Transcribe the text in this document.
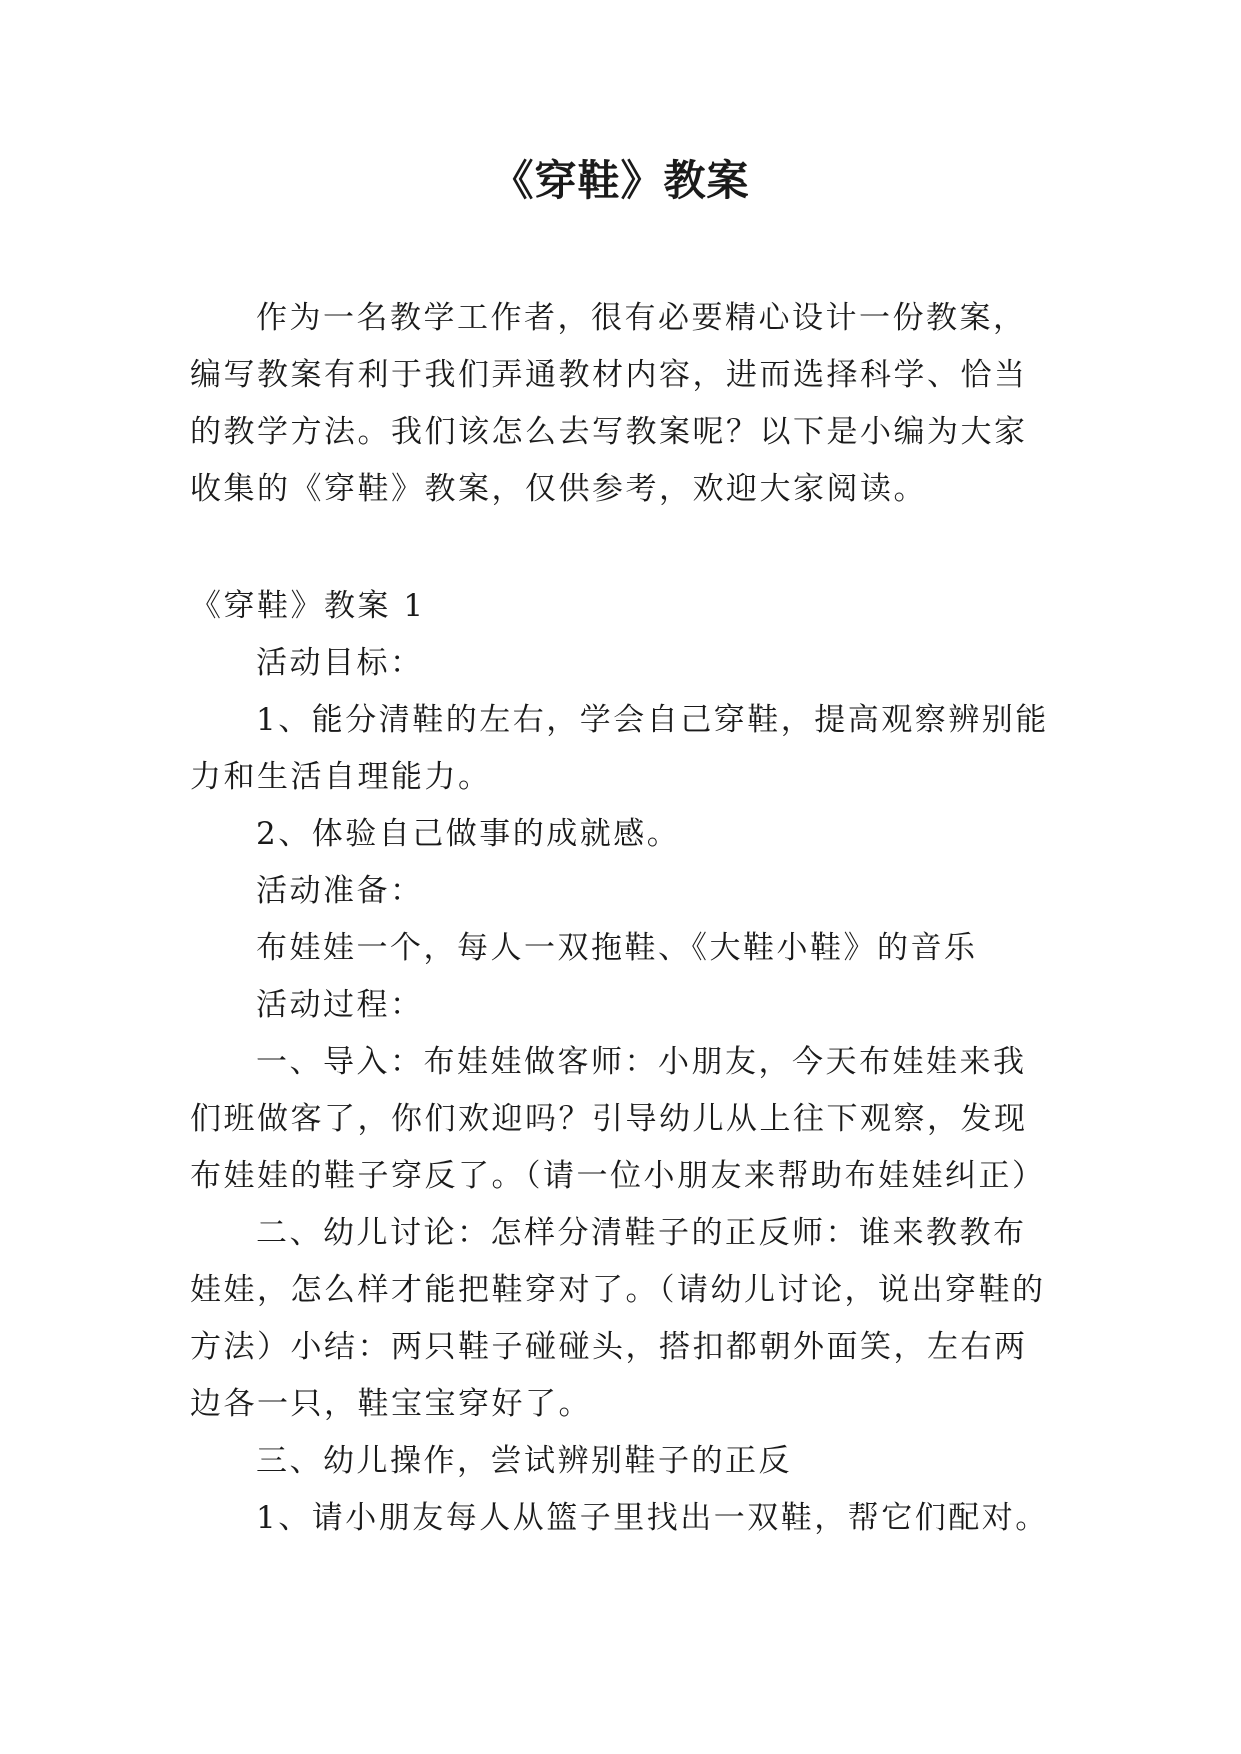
《穿鞋》教案

作为一名教学工作者，很有必要精心设计一份教案，编写教案有利于我们弄通教材内容，进而选择科学、恰当的教学方法。我们该怎么去写教案呢？以下是小编为大家收集的《穿鞋》教案，仅供参考，欢迎大家阅读。

《穿鞋》教案 1

活动目标：

1、能分清鞋的左右，学会自己穿鞋，提高观察辨别能力和生活自理能力。

2、体验自己做事的成就感。

活动准备：

布娃娃一个，每人一双拖鞋、《大鞋小鞋》的音乐

活动过程：

一、导入：布娃娃做客师：小朋友，今天布娃娃来我们班做客了，你们欢迎吗？引导幼儿从上往下观察，发现布娃娃的鞋子穿反了。（请一位小朋友来帮助布娃娃纠正）

二、幼儿讨论：怎样分清鞋子的正反师：谁来教教布娃娃，怎么样才能把鞋穿对了。（请幼儿讨论，说出穿鞋的方法）小结：两只鞋子碰碰头，搭扣都朝外面笑，左右两边各一只，鞋宝宝穿好了。

三、幼儿操作，尝试辨别鞋子的正反

1、请小朋友每人从篮子里找出一双鞋，帮它们配对。
